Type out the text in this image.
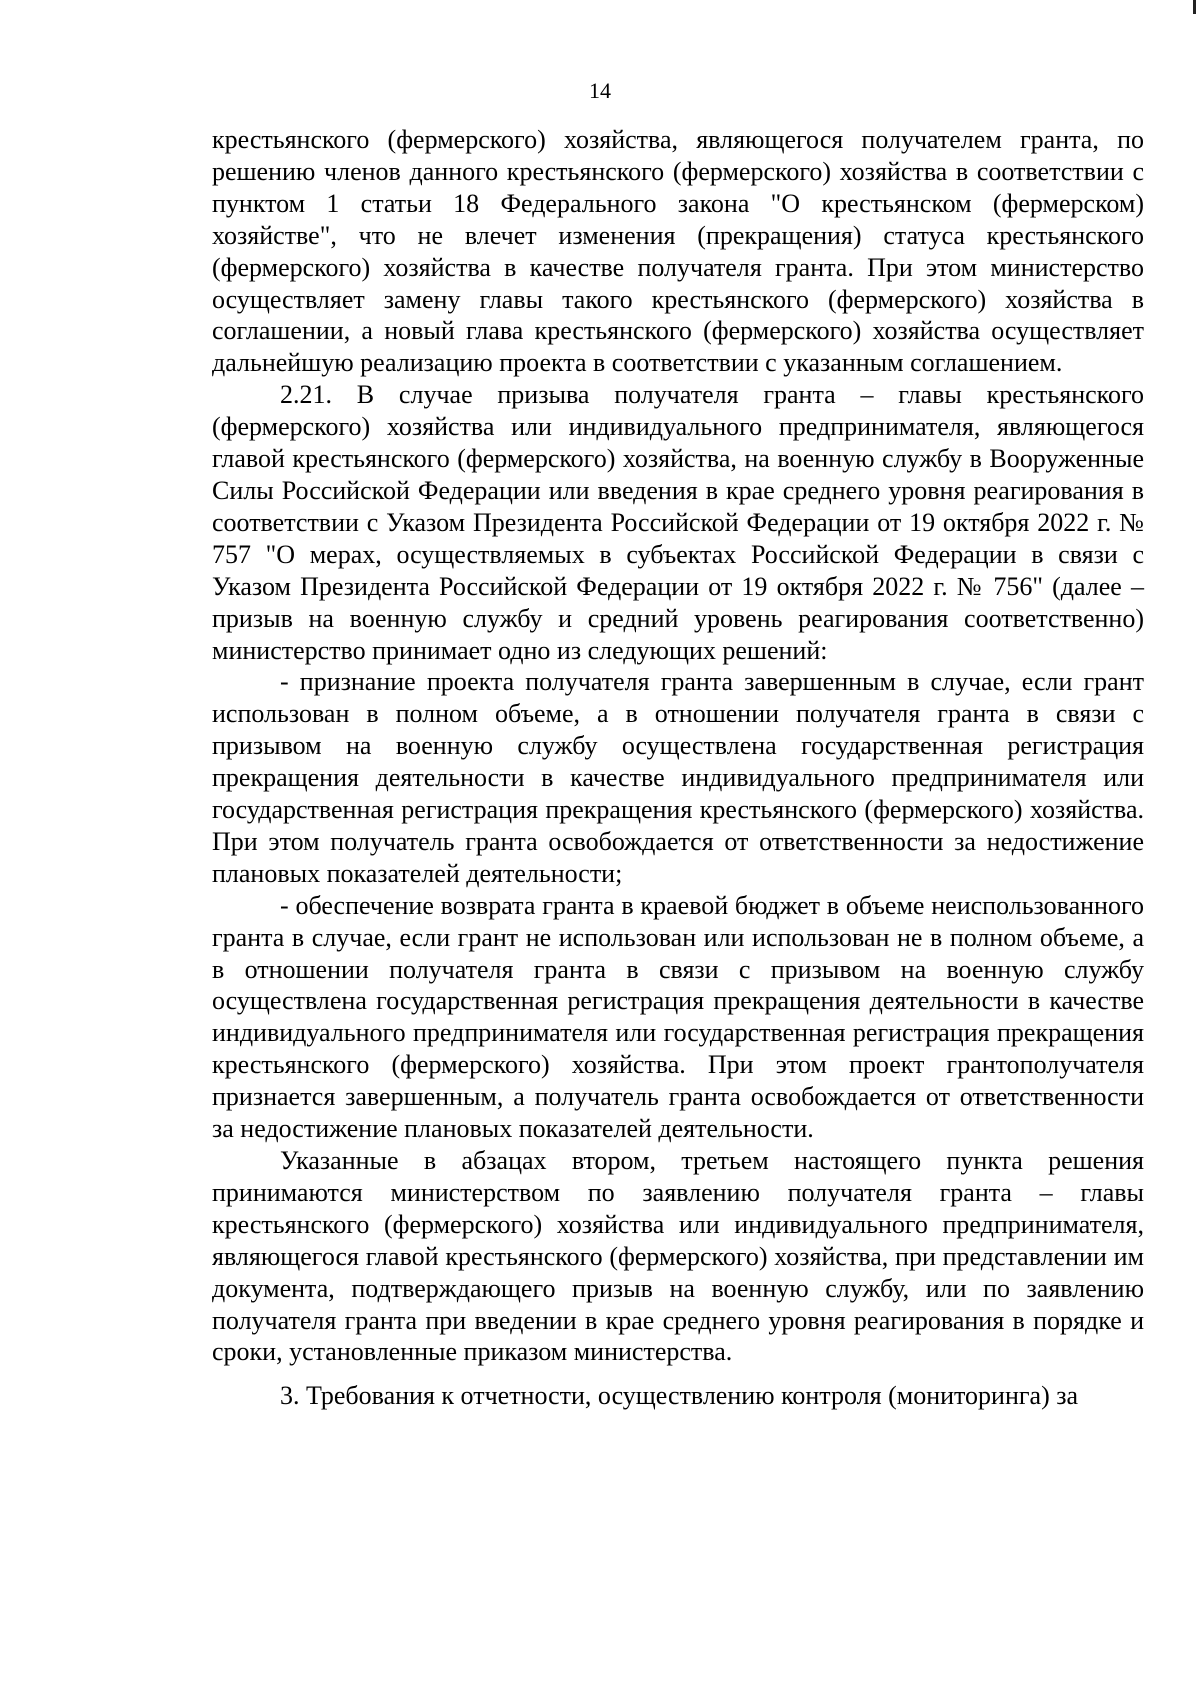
14

крестьянского (фермерского) хозяйства, являющегося получателем гранта, по решению членов данного крестьянского (фермерского) хозяйства в соответствии с пунктом 1 статьи 18 Федерального закона "О крестьянском (фермерском) хозяйстве", что не влечет изменения (прекращения) статуса крестьянского (фермерского) хозяйства в качестве получателя гранта. При этом министерство осуществляет замену главы такого крестьянского (фермерского) хозяйства в соглашении, а новый глава крестьянского (фермерского) хозяйства осуществляет дальнейшую реализацию проекта в соответствии с указанным соглашением.

2.21. В случае призыва получателя гранта – главы крестьянского (фермерского) хозяйства или индивидуального предпринимателя, являющегося главой крестьянского (фермерского) хозяйства, на военную службу в Вооруженные Силы Российской Федерации или введения в крае среднего уровня реагирования в соответствии с Указом Президента Российской Федерации от 19 октября 2022 г. № 757 "О мерах, осуществляемых в субъектах Российской Федерации в связи с Указом Президента Российской Федерации от 19 октября 2022 г. № 756" (далее – призыв на военную службу и средний уровень реагирования соответственно) министерство принимает одно из следующих решений:

- признание проекта получателя гранта завершенным в случае, если грант использован в полном объеме, а в отношении получателя гранта в связи с призывом на военную службу осуществлена государственная регистрация прекращения деятельности в качестве индивидуального предпринимателя или государственная регистрация прекращения крестьянского (фермерского) хозяйства. При этом получатель гранта освобождается от ответственности за недостижение плановых показателей деятельности;

- обеспечение возврата гранта в краевой бюджет в объеме неиспользованного гранта в случае, если грант не использован или использован не в полном объеме, а в отношении получателя гранта в связи с призывом на военную службу осуществлена государственная регистрация прекращения деятельности в качестве индивидуального предпринимателя или государственная регистрация прекращения крестьянского (фермерского) хозяйства. При этом проект грантополучателя признается завершенным, а получатель гранта освобождается от ответственности за недостижение плановых показателей деятельности.

Указанные в абзацах втором, третьем настоящего пункта решения принимаются министерством по заявлению получателя гранта – главы крестьянского (фермерского) хозяйства или индивидуального предпринимателя, являющегося главой крестьянского (фермерского) хозяйства, при представлении им документа, подтверждающего призыв на военную службу, или по заявлению получателя гранта при введении в крае среднего уровня реагирования в порядке и сроки, установленные приказом министерства.

3. Требования к отчетности, осуществлению контроля (мониторинга) за
